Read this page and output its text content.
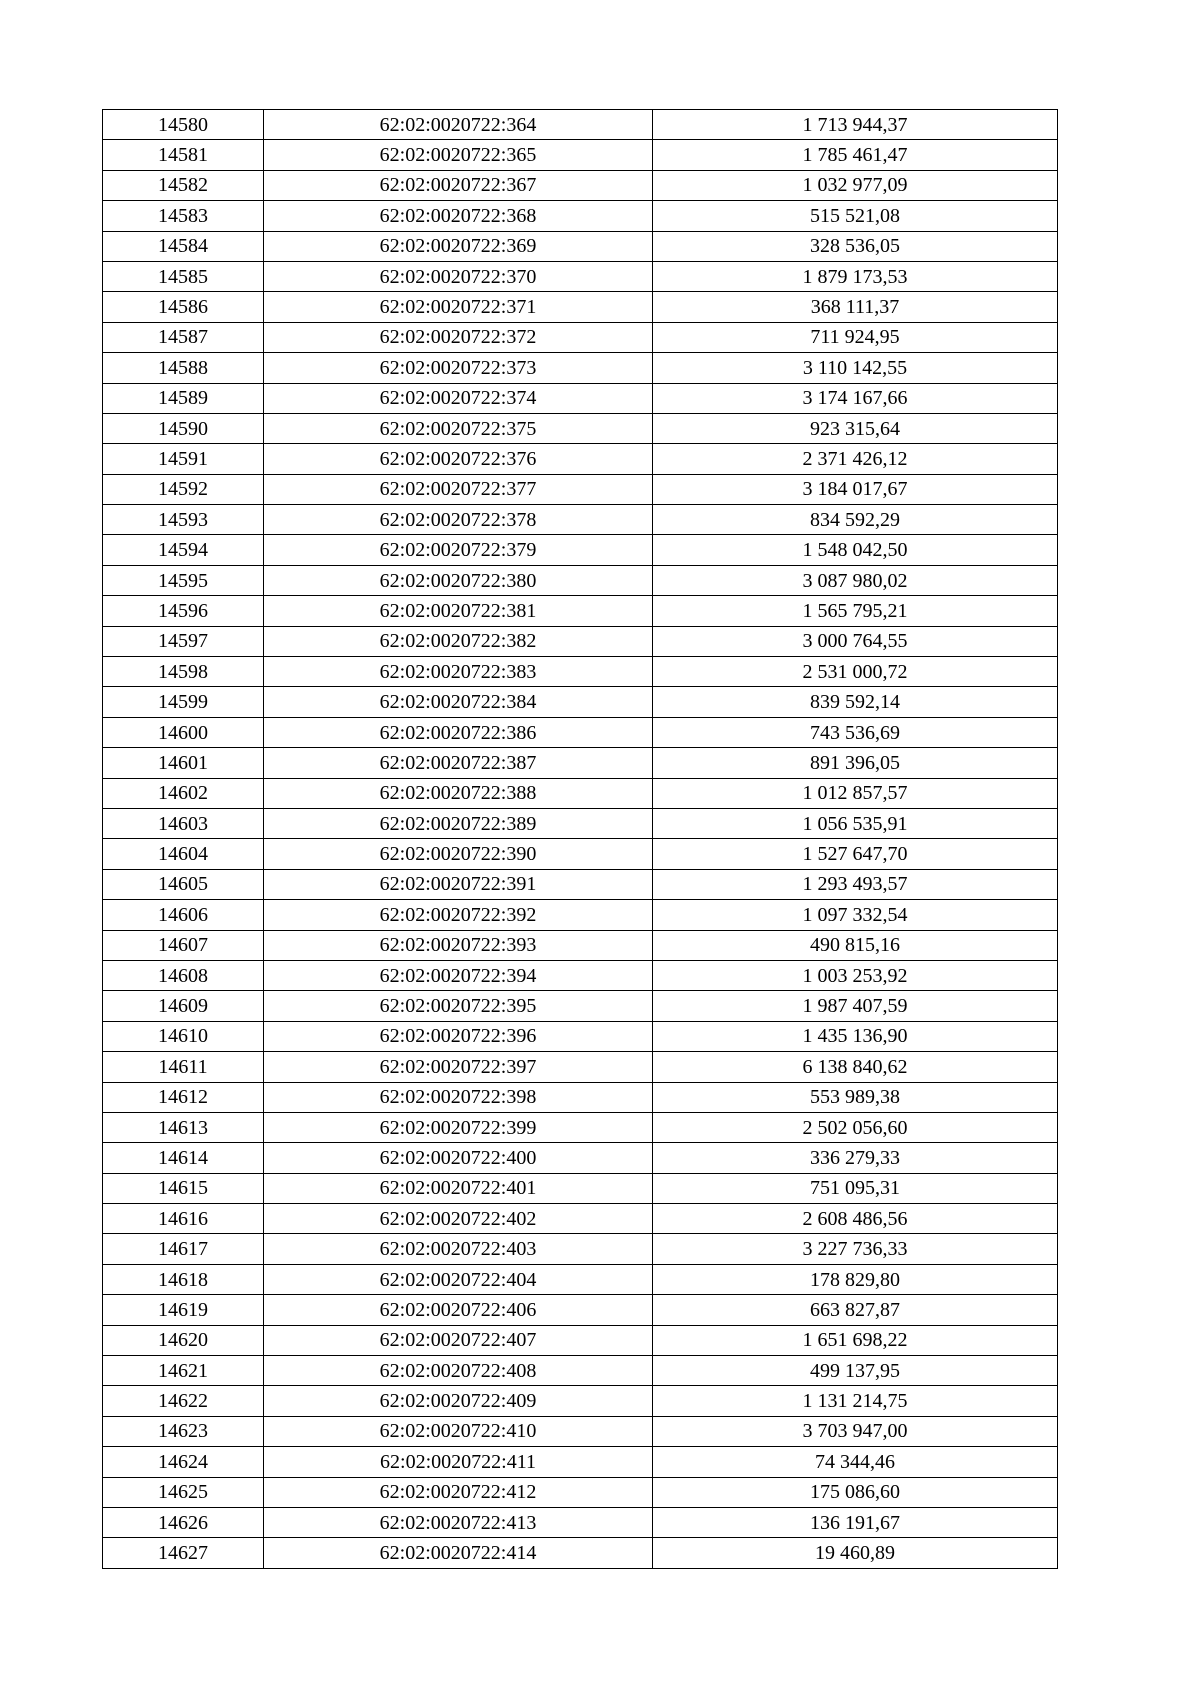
14580	62:02:0020722:364	1 713 944,37
14581	62:02:0020722:365	1 785 461,47
14582	62:02:0020722:367	1 032 977,09
14583	62:02:0020722:368	515 521,08
14584	62:02:0020722:369	328 536,05
14585	62:02:0020722:370	1 879 173,53
14586	62:02:0020722:371	368 111,37
14587	62:02:0020722:372	711 924,95
14588	62:02:0020722:373	3 110 142,55
14589	62:02:0020722:374	3 174 167,66
14590	62:02:0020722:375	923 315,64
14591	62:02:0020722:376	2 371 426,12
14592	62:02:0020722:377	3 184 017,67
14593	62:02:0020722:378	834 592,29
14594	62:02:0020722:379	1 548 042,50
14595	62:02:0020722:380	3 087 980,02
14596	62:02:0020722:381	1 565 795,21
14597	62:02:0020722:382	3 000 764,55
14598	62:02:0020722:383	2 531 000,72
14599	62:02:0020722:384	839 592,14
14600	62:02:0020722:386	743 536,69
14601	62:02:0020722:387	891 396,05
14602	62:02:0020722:388	1 012 857,57
14603	62:02:0020722:389	1 056 535,91
14604	62:02:0020722:390	1 527 647,70
14605	62:02:0020722:391	1 293 493,57
14606	62:02:0020722:392	1 097 332,54
14607	62:02:0020722:393	490 815,16
14608	62:02:0020722:394	1 003 253,92
14609	62:02:0020722:395	1 987 407,59
14610	62:02:0020722:396	1 435 136,90
14611	62:02:0020722:397	6 138 840,62
14612	62:02:0020722:398	553 989,38
14613	62:02:0020722:399	2 502 056,60
14614	62:02:0020722:400	336 279,33
14615	62:02:0020722:401	751 095,31
14616	62:02:0020722:402	2 608 486,56
14617	62:02:0020722:403	3 227 736,33
14618	62:02:0020722:404	178 829,80
14619	62:02:0020722:406	663 827,87
14620	62:02:0020722:407	1 651 698,22
14621	62:02:0020722:408	499 137,95
14622	62:02:0020722:409	1 131 214,75
14623	62:02:0020722:410	3 703 947,00
14624	62:02:0020722:411	74 344,46
14625	62:02:0020722:412	175 086,60
14626	62:02:0020722:413	136 191,67
14627	62:02:0020722:414	19 460,89
